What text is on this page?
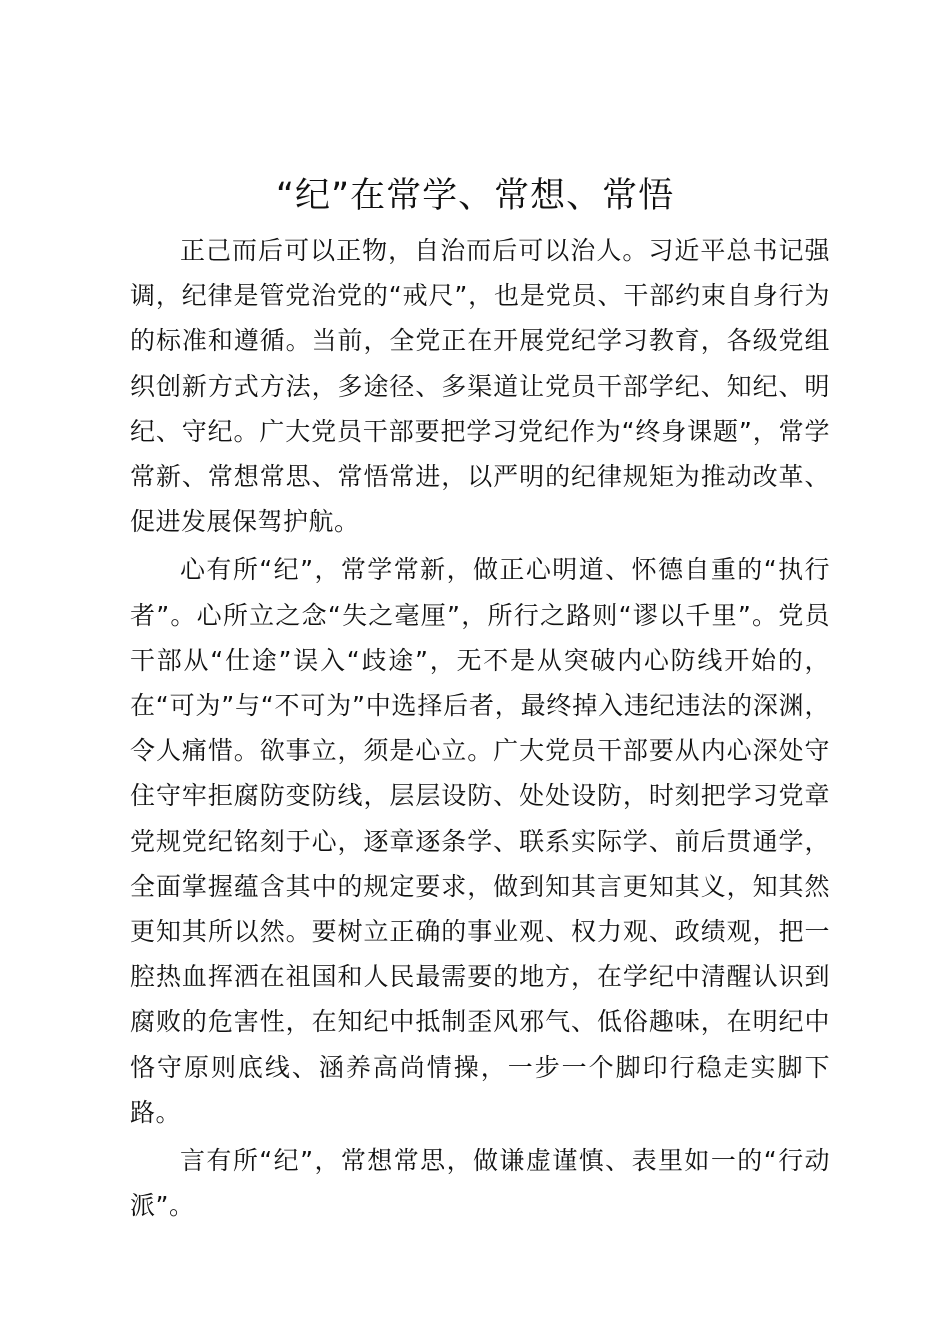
“纪”在常学、常想、常悟

正己而后可以正物，自治而后可以治人。习近平总书记强调，纪律是管党治党的“戒尺”，也是党员、干部约束自身行为的标准和遵循。当前，全党正在开展党纪学习教育，各级党组织创新方式方法，多途径、多渠道让党员干部学纪、知纪、明纪、守纪。广大党员干部要把学习党纪作为“终身课题”，常学常新、常想常思、常悟常进，以严明的纪律规矩为推动改革、促进发展保驾护航。

心有所“纪”，常学常新，做正心明道、怀德自重的“执行者”。心所立之念“失之毫厘”，所行之路则“谬以千里”。党员干部从“仕途”误入“歧途”，无不是从突破内心防线开始的，在“可为”与“不可为”中选择后者，最终掉入违纪违法的深渊，令人痛惜。欲事立，须是心立。广大党员干部要从内心深处守住守牢拒腐防变防线，层层设防、处处设防，时刻把学习党章党规党纪铭刻于心，逐章逐条学、联系实际学、前后贯通学，全面掌握蕴含其中的规定要求，做到知其言更知其义，知其然更知其所以然。要树立正确的事业观、权力观、政绩观，把一腔热血挥洒在祖国和人民最需要的地方，在学纪中清醒认识到腐败的危害性，在知纪中抵制歪风邪气、低俗趣味，在明纪中恪守原则底线、涵养高尚情操，一步一个脚印行稳走实脚下路。

言有所“纪”，常想常思，做谦虚谨慎、表里如一的“行动派”。
